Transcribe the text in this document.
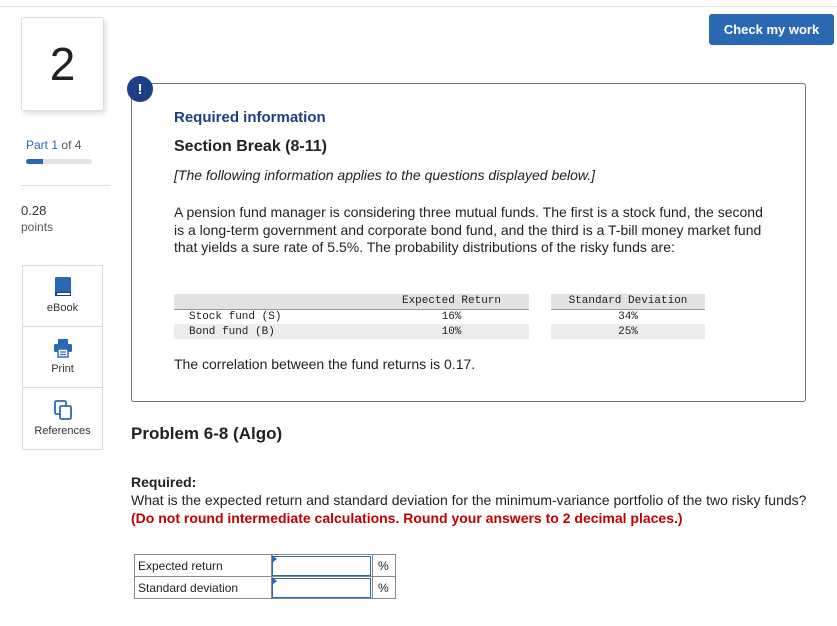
Check my work
2
Part 1 of 4
0.28
points
eBook
Print
References
!
Required information
Section Break (8-11)
[The following information applies to the questions displayed below.]
A pension fund manager is considering three mutual funds. The first is a stock fund, the second is a long-term government and corporate bond fund, and the third is a T-bill money market fund that yields a sure rate of 5.5%. The probability distributions of the risky funds are:
	Expected Return		Standard Deviation
Stock fund (S)	16%		34%
Bond fund (B)	10%		25%
The correlation between the fund returns is 0.17.
Problem 6-8 (Algo)
Required:
What is the expected return and standard deviation for the minimum-variance portfolio of the two risky funds? (Do not round intermediate calculations. Round your answers to 2 decimal places.)
Expected return		%
Standard deviation		%
